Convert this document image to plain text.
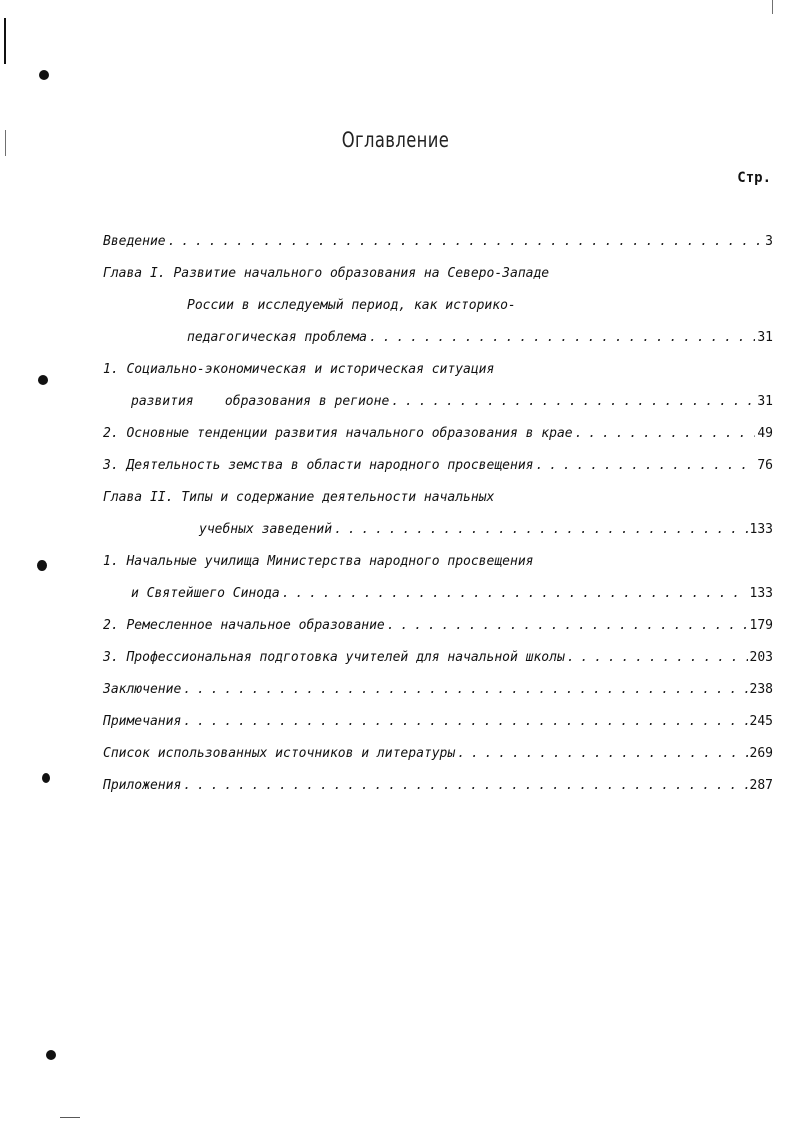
Оглавление
Стр.
Введение . . .	3
Глава I. Развитие начального образования на Северо-Западе
России в исследуемый период, как историко-
педагогическая проблема . . .	31
1. Социально-экономическая и историческая ситуация
развития    образования в регионе . . .	31
2. Основные тенденции развития начального образования в крае . . .	49
3. Деятельность земства в области народного просвещения . . .	76
Глава II. Типы и содержание деятельности начальных
учебных заведений . . .	133
1. Начальные училища Министерства народного просвещения
и Святейшего Синода . . .	133
2. Ремесленное начальное образование . . .	179
3. Профессиональная подготовка учителей для начальной школы . . .	203
Заключение . . .	238
Примечания . . .	245
Список использованных источников и литературы . . .	269
Приложения . . .	287
